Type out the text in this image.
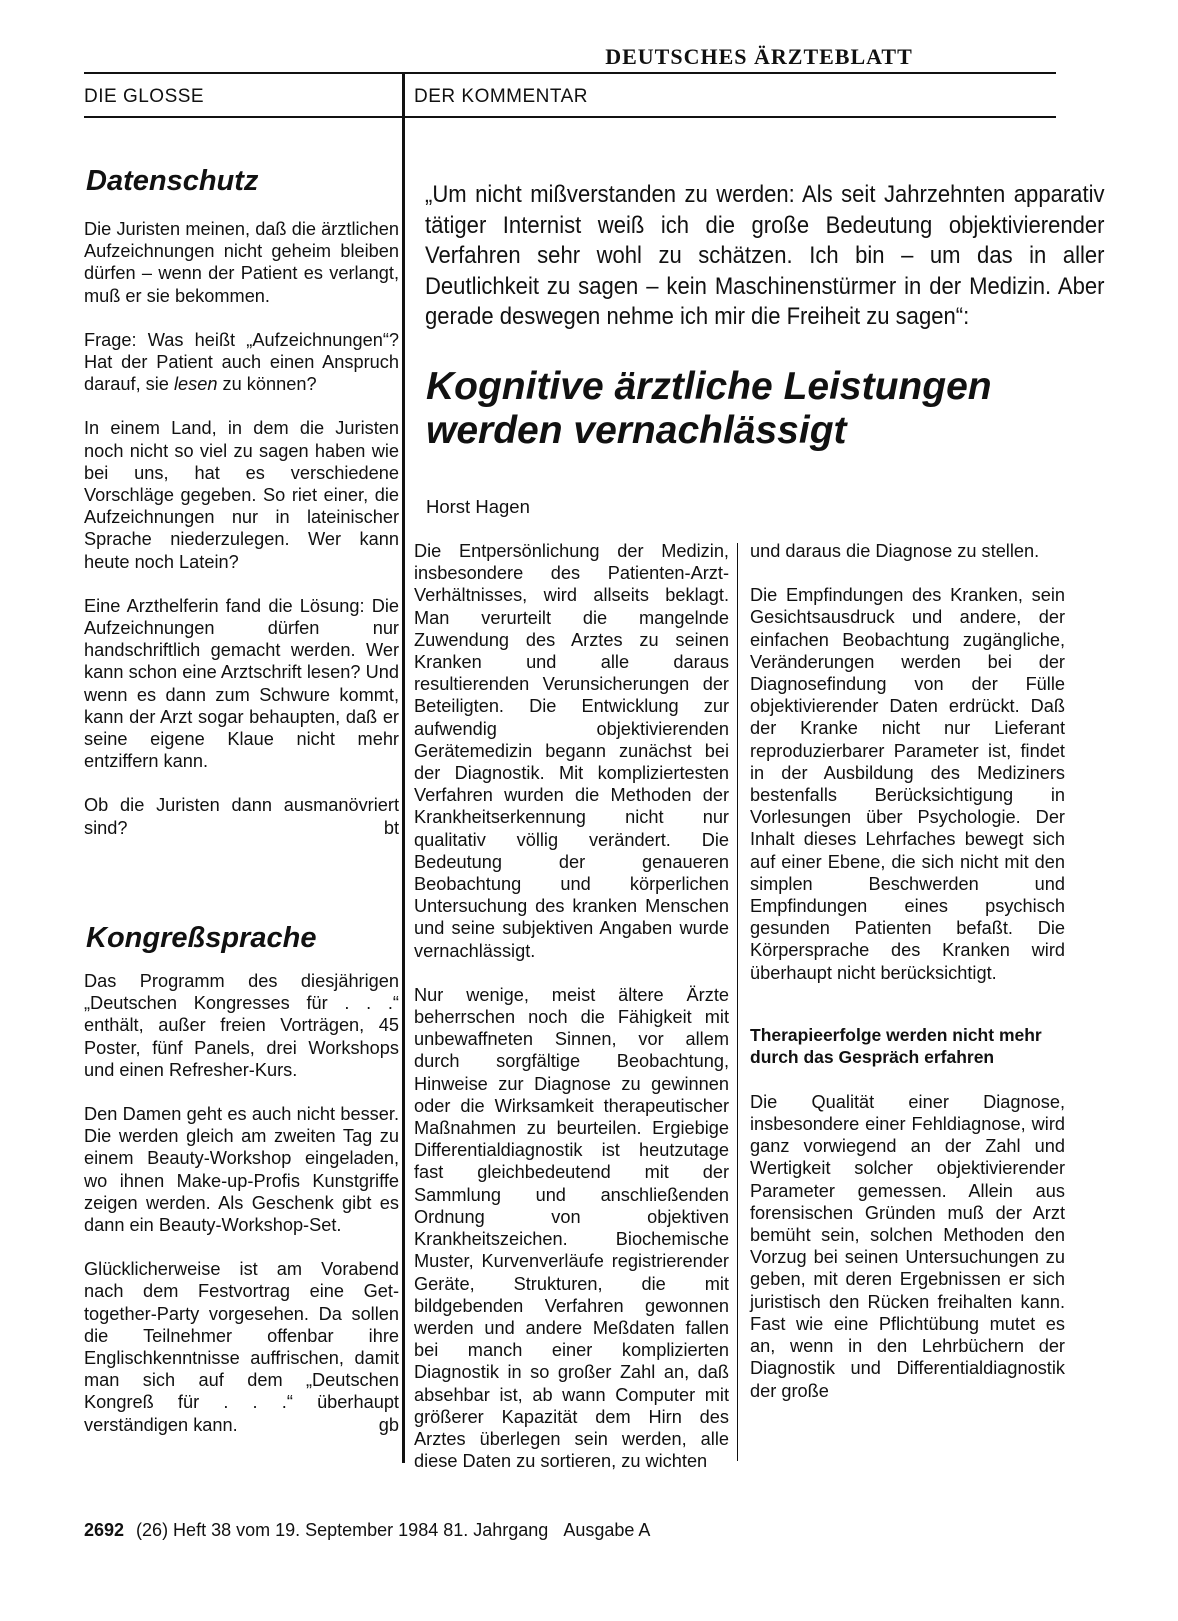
DEUTSCHES ÄRZTEBLATT
DIE GLOSSE	DER KOMMENTAR
Datenschutz

Die Juristen meinen, daß die ärztlichen Aufzeichnungen nicht geheim bleiben dürfen – wenn der Patient es verlangt, muß er sie bekommen.

Frage: Was heißt „Aufzeichnungen“? Hat der Patient auch einen Anspruch darauf, sie lesen zu können?

In einem Land, in dem die Juristen noch nicht so viel zu sagen haben wie bei uns, hat es verschiedene Vorschläge gegeben. So riet einer, die Aufzeichnungen nur in lateinischer Sprache niederzulegen. Wer kann heute noch Latein?

Eine Arzthelferin fand die Lösung: Die Aufzeichnungen dürfen nur handschriftlich gemacht werden. Wer kann schon eine Arztschrift lesen? Und wenn es dann zum Schwure kommt, kann der Arzt sogar behaupten, daß er seine eigene Klaue nicht mehr entziffern kann.

Ob die Juristen dann ausmanövriert sind?	bt

Kongreßsprache

Das Programm des diesjährigen „Deutschen Kongresses für . . .“ enthält, außer freien Vorträgen, 45 Poster, fünf Panels, drei Workshops und einen Refresher-Kurs.

Den Damen geht es auch nicht besser. Die werden gleich am zweiten Tag zu einem Beauty-Workshop eingeladen, wo ihnen Make-up-Profis Kunstgriffe zeigen werden. Als Geschenk gibt es dann ein Beauty-Workshop-Set.

Glücklicherweise ist am Vorabend nach dem Festvortrag eine Get-together-Party vorgesehen. Da sollen die Teilnehmer offenbar ihre Englischkenntnisse auffrischen, damit man sich auf dem „Deutschen Kongreß für . . .“ überhaupt verständigen kann.	gb

„Um nicht mißverstanden zu werden: Als seit Jahrzehnten apparativ tätiger Internist weiß ich die große Bedeutung objektivierender Verfahren sehr wohl zu schätzen. Ich bin – um das in aller Deutlichkeit zu sagen – kein Maschinenstürmer in der Medizin. Aber gerade deswegen nehme ich mir die Freiheit zu sagen“:
Kognitive ärztliche Leistungen werden vernachlässigt
Horst Hagen

Die Entpersönlichung der Medizin, insbesondere des Patienten-Arzt-Verhältnisses, wird allseits beklagt. Man verurteilt die mangelnde Zuwendung des Arztes zu seinen Kranken und alle daraus resultierenden Verunsicherungen der Beteiligten. Die Entwicklung zur aufwendig objektivierenden Gerätemedizin begann zunächst bei der Diagnostik. Mit kompliziertesten Verfahren wurden die Methoden der Krankheitserkennung nicht nur qualitativ völlig verändert. Die Bedeutung der genaueren Beobachtung und körperlichen Untersuchung des kranken Menschen und seine subjektiven Angaben wurde vernachlässigt.

Nur wenige, meist ältere Ärzte beherrschen noch die Fähigkeit mit unbewaffneten Sinnen, vor allem durch sorgfältige Beobachtung, Hinweise zur Diagnose zu gewinnen oder die Wirksamkeit therapeutischer Maßnahmen zu beurteilen. Ergiebige Differentialdiagnostik ist heutzutage fast gleichbedeutend mit der Sammlung und anschließenden Ordnung von objektiven Krankheitszeichen. Biochemische Muster, Kurvenverläufe registrierender Geräte, Strukturen, die mit bildgebenden Verfahren gewonnen werden und andere Meßdaten fallen bei manch einer komplizierten Diagnostik in so großer Zahl an, daß absehbar ist, ab wann Computer mit größerer Kapazität dem Hirn des Arztes überlegen sein werden, alle diese Daten zu sortieren, zu wichten

und daraus die Diagnose zu stellen.

Die Empfindungen des Kranken, sein Gesichtsausdruck und andere, der einfachen Beobachtung zugängliche, Veränderungen werden bei der Diagnosefindung von der Fülle objektivierender Daten erdrückt. Daß der Kranke nicht nur Lieferant reproduzierbarer Parameter ist, findet in der Ausbildung des Mediziners bestenfalls Berücksichtigung in Vorlesungen über Psychologie. Der Inhalt dieses Lehrfaches bewegt sich auf einer Ebene, die sich nicht mit den simplen Beschwerden und Empfindungen eines psychisch gesunden Patienten befaßt. Die Körpersprache des Kranken wird überhaupt nicht berücksichtigt.

Therapieerfolge werden nicht mehr durch das Gespräch erfahren

Die Qualität einer Diagnose, insbesondere einer Fehldiagnose, wird ganz vorwiegend an der Zahl und Wertigkeit solcher objektivierender Parameter gemessen. Allein aus forensischen Gründen muß der Arzt bemüht sein, solchen Methoden den Vorzug bei seinen Untersuchungen zu geben, mit deren Ergebnissen er sich juristisch den Rücken freihalten kann. Fast wie eine Pflichtübung mutet es an, wenn in den Lehrbüchern der Diagnostik und Differentialdiagnostik der große

2692 (26) Heft 38 vom 19. September 1984 81. Jahrgang Ausgabe A
